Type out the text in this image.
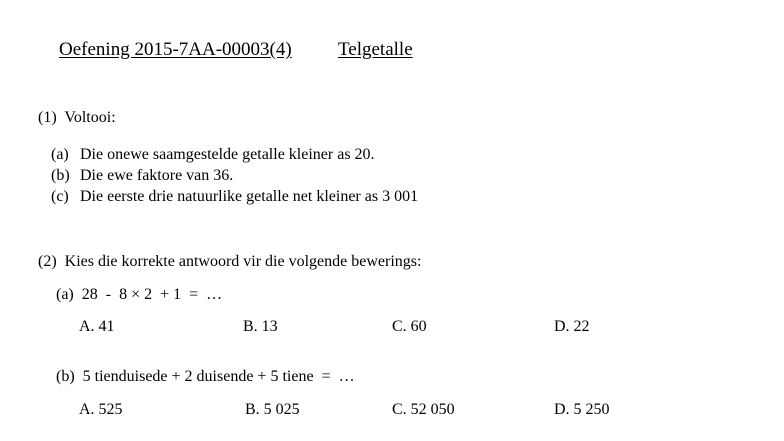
Oefening 2015-7AA-00003(4) Telgetalle
(1)  Voltooi:
(a) Die onewe saamgestelde getalle kleiner as 20.
(b) Die ewe faktore van 36.
(c) Die eerste drie natuurlike getalle net kleiner as 3 001
(2)  Kies die korrekte antwoord vir die volgende bewerings:
(a)  28  -  8 × 2  + 1  =  …
A. 41	B. 13	C. 60	D. 22
(b)  5 tienduisede + 2 duisende + 5 tiene  =  …
A. 525	B. 5 025	C. 52 050	D. 5 250
